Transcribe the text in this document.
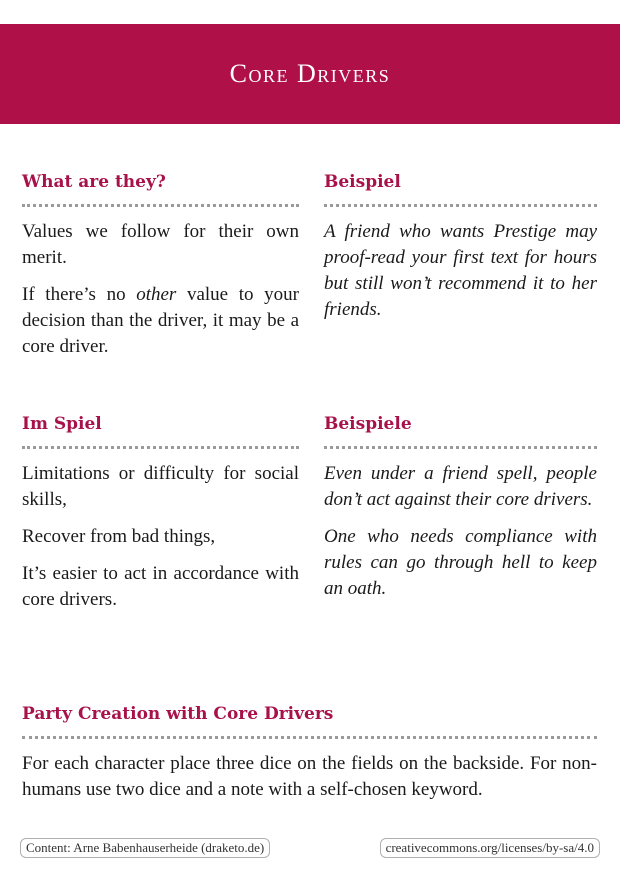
Core Drivers
What are they?

Values we follow for their own merit.

If there’s no other value to your decision than the driver, it may be a core driver.

Beispiel

A friend who wants Prestige may proof-read your first text for hours but still won’t recommend it to her friends.

Im Spiel

Limitations or difficulty for social skills,

Recover from bad things,

It’s easier to act in accordance with core drivers.

Beispiele

Even under a friend spell, people don’t act against their core drivers.

One who needs compliance with rules can go through hell to keep an oath.

Party Creation with Core Drivers

For each character place three dice on the fields on the backside. For non-humans use two dice and a note with a self-chosen keyword.

Content: Arne Babenhauserheide (draketo.de)	creativecommons.org/licenses/by-sa/4.0
